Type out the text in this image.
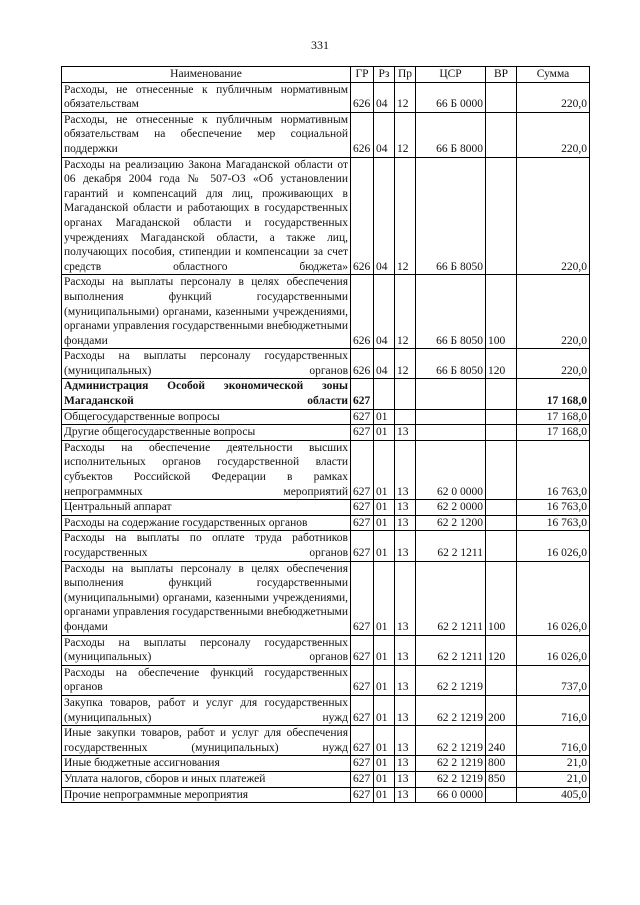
331
Наименование	ГР	Рз	Пр	ЦСР	ВР	Сумма
Расходы, не отнесенные к публичным нормативным обязательствам	626	04	12	66 Б 0000		220,0
Расходы, не отнесенные к публичным нормативным обязательствам на обеспечение мер социальной поддержки	626	04	12	66 Б 8000		220,0
Расходы на реализацию Закона Магаданской области от 06 декабря 2004 года № 507-ОЗ «Об установлении гарантий и компенсаций для лиц, проживающих в Магаданской области и работающих в государственных органах Магаданской области и государственных учреждениях Магаданской области, а также лиц, получающих пособия, стипендии и компенсации за счет средств областного бюджета»	626	04	12	66 Б 8050		220,0
Расходы на выплаты персоналу в целях обеспечения выполнения функций государственными (муниципальными) органами, казенными учреждениями, органами управления государственными внебюджетными фондами	626	04	12	66 Б 8050	100	220,0
Расходы на выплаты персоналу государственных (муниципальных) органов	626	04	12	66 Б 8050	120	220,0
Администрация Особой экономической зоны Магаданской области	627					17 168,0
Общегосударственные вопросы	627	01				17 168,0
Другие общегосударственные вопросы	627	01	13			17 168,0
Расходы на обеспечение деятельности высших исполнительных органов государственной власти субъектов Российской Федерации в рамках непрограммных мероприятий	627	01	13	62 0 0000		16 763,0
Центральный аппарат	627	01	13	62 2 0000		16 763,0
Расходы на содержание государственных органов	627	01	13	62 2 1200		16 763,0
Расходы на выплаты по оплате труда работников государственных органов	627	01	13	62 2 1211		16 026,0
Расходы на выплаты персоналу в целях обеспечения выполнения функций государственными (муниципальными) органами, казенными учреждениями, органами управления государственными внебюджетными фондами	627	01	13	62 2 1211	100	16 026,0
Расходы на выплаты персоналу государственных (муниципальных) органов	627	01	13	62 2 1211	120	16 026,0
Расходы на обеспечение функций государственных органов	627	01	13	62 2 1219		737,0
Закупка товаров, работ и услуг для государственных (муниципальных) нужд	627	01	13	62 2 1219	200	716,0
Иные закупки товаров, работ и услуг для обеспечения государственных (муниципальных) нужд	627	01	13	62 2 1219	240	716,0
Иные бюджетные ассигнования	627	01	13	62 2 1219	800	21,0
Уплата налогов, сборов и иных платежей	627	01	13	62 2 1219	850	21,0
Прочие непрограммные мероприятия	627	01	13	66 0 0000		405,0
